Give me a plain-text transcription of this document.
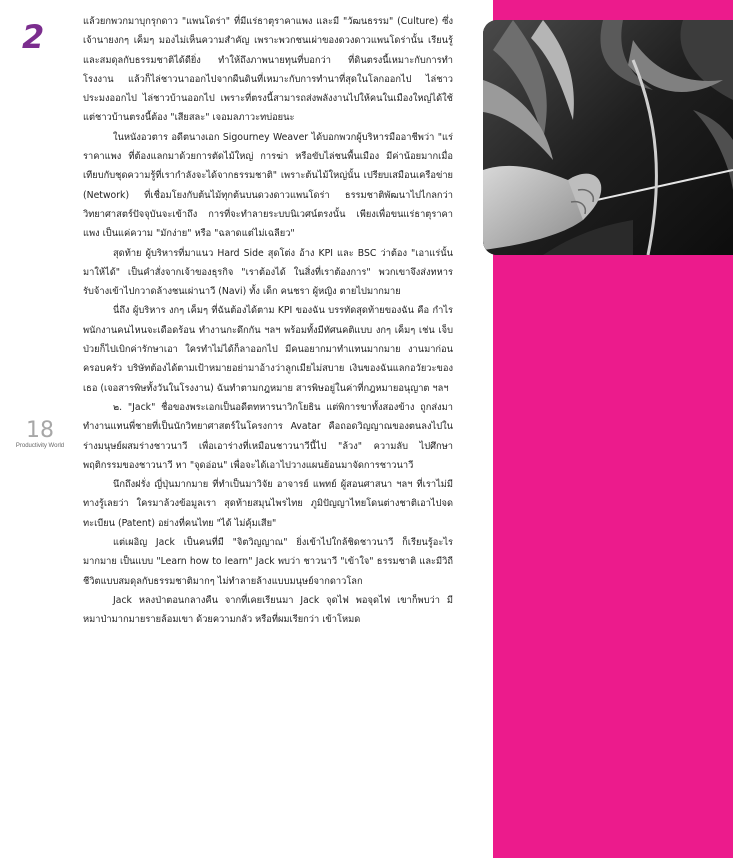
2
18
Productivity World

แล้วยกพวกมาบุกรุกดาว "แพนโดร่า" ที่มีแร่ธาตุราคาแพง และมี "วัฒนธรรม" (Culture) ซึ่งเจ้านายงกๆ เค็มๆ มองไม่เห็นความสำคัญ เพราะพวกชนเผ่าของดวงดาวแพนโดร่านั้น เรียนรู้และสมดุลกับธรรมชาติได้ดียิ่ง ทำให้ถึงภาพนายทุนที่บอกว่า ที่ดินตรงนี้เหมาะกับการทำโรงงาน แล้วก็ไล่ชาวนาออกไปจากผืนดินที่เหมาะกับการทำนาที่สุดในโลกออกไป ไล่ชาวประมงออกไป ไล่ชาวบ้านออกไป เพราะที่ตรงนี้สามารถส่งพลังงานไปให้คนในเมืองใหญ่ได้ใช้ แต่ชาวบ้านตรงนี้ต้อง "เสียสละ" เจอมลภาวะทบ่อยนะ

ในหนังอวตาร อดีตนางเอก Sigourney Weaver ได้บอกพวกผู้บริหารมืออาชีพว่า "แร่ราคาแพง ที่ต้องแลกมาด้วยการตัดไม้ใหญ่ การฆ่า หรือขับไล่ชนพื้นเมือง มีค่าน้อยมากเมื่อเทียบกับชุดความรู้ที่เรากำลังจะได้จากธรรมชาติ" เพราะต้นไม้ใหญ่นั้น เปรียบเสมือนเครือข่าย (Network) ที่เชื่อมโยงกับต้นไม้ทุกต้นบนดวงดาวแพนโดร่า ธรรมชาติพัฒนาไปไกลกว่าวิทยาศาสตร์ปัจจุบันจะเข้าถึง การที่จะทำลายระบบนิเวศน์ตรงนั้น เพียงเพื่อขนแร่ธาตุราคาแพง เป็นแค่ความ "มักง่าย" หรือ "ฉลาดแต่ไม่เฉลียว"

สุดท้าย ผู้บริหารที่มาแนว Hard Side สุดโต่ง อ้าง KPI และ BSC ว่าต้อง "เอาแร่นั้นมาให้ได้" เป็นคำสั่งจากเจ้าของธุรกิจ "เราต้องได้ ในสิ่งที่เราต้องการ" พวกเขาจึงส่งทหารรับจ้างเข้าไปกวาดล้างชนเผ่านาวี (Navi) ทั้ง เด็ก คนชรา ผู้หญิง ตายไปมากมาย

นี่ถึง ผู้บริหาร งกๆ เค็มๆ ที่ฉันต้องได้ตาม KPI ของฉัน บรรทัดสุดท้ายของฉัน คือ กำไร พนักงานคนไหนจะเดือดร้อน ทำงานกะดึกกัน ฯลฯ พร้อมทั้งมีทัศนคติแบบ งกๆ เค็มๆ เช่น เจ็บป่วยก็ไปเบิกค่ารักษาเอา ใครทำไม่ได้ก็ลาออกไป มีคนอยากมาทำแทนมากมาย งานมาก่อนครอบครัว บริษัทต้องได้ตามเป้าหมายอย่ามาอ้างว่าลูกเมียไม่สบาย เงินของฉันแลกอวัยวะของเธอ (เจอสารพิษทั้งวันในโรงงาน) ฉันทำตามกฎหมาย สารพิษอยู่ในค่าที่กฎหมายอนุญาต ฯลฯ

๒. "Jack" ชื่อของพระเอกเป็นอดีตทหารนาวิกโยธิน แต่พิการขาทั้งสองข้าง ถูกส่งมาทำงานแทนพี่ชายที่เป็นนักวิทยาศาสตร์ในโครงการ Avatar คือถอดวิญญาณของตนลงไปในร่างมนุษย์ผสมร่างชาวนาวี เพื่อเอาร่างที่เหมือนชาวนาวีนี้ไป "ล้วง" ความลับ ไปศึกษาพฤติกรรมของชาวนาวี หา "จุดอ่อน" เพื่อจะได้เอาไปวางแผนย้อนมาจัดการชาวนาวี

นึกถึงฝรั่ง ญี่ปุ่นมากมาย ที่ทำเป็นมาวิจัย อาจารย์ แพทย์ ผู้สอนศาสนา ฯลฯ ที่เราไม่มีทางรู้เลยว่า ใครมาล้วงข้อมูลเรา สุดท้ายสมุนไพรไทย ภูมิปัญญาไทยโดนต่างชาติเอาไปจดทะเบียน (Patent) อย่างที่คนไทย "ได้ ไม่คุ้มเสีย"

แต่เผอิญ Jack เป็นคนที่มี "จิตวิญญาณ" ยิ่งเข้าไปใกล้ชิดชาวนาวี ก็เรียนรู้อะไรมากมาย เป็นแบบ "Learn how to learn" Jack พบว่า ชาวนาวี "เข้าใจ" ธรรมชาติ และมีวิถีชีวิตแบบสมดุลกับธรรมชาติมากๆ ไม่ทำลายล้างแบบมนุษย์จากดาวโลก

Jack หลงป่าตอนกลางคืน จากที่เคยเรียนมา Jack จุดไฟ พอจุดไฟ เขาก็พบว่า มีหมาป่ามากมายรายล้อมเขา ด้วยความกลัว หรือที่ผมเรียกว่า เข้าโหมด
